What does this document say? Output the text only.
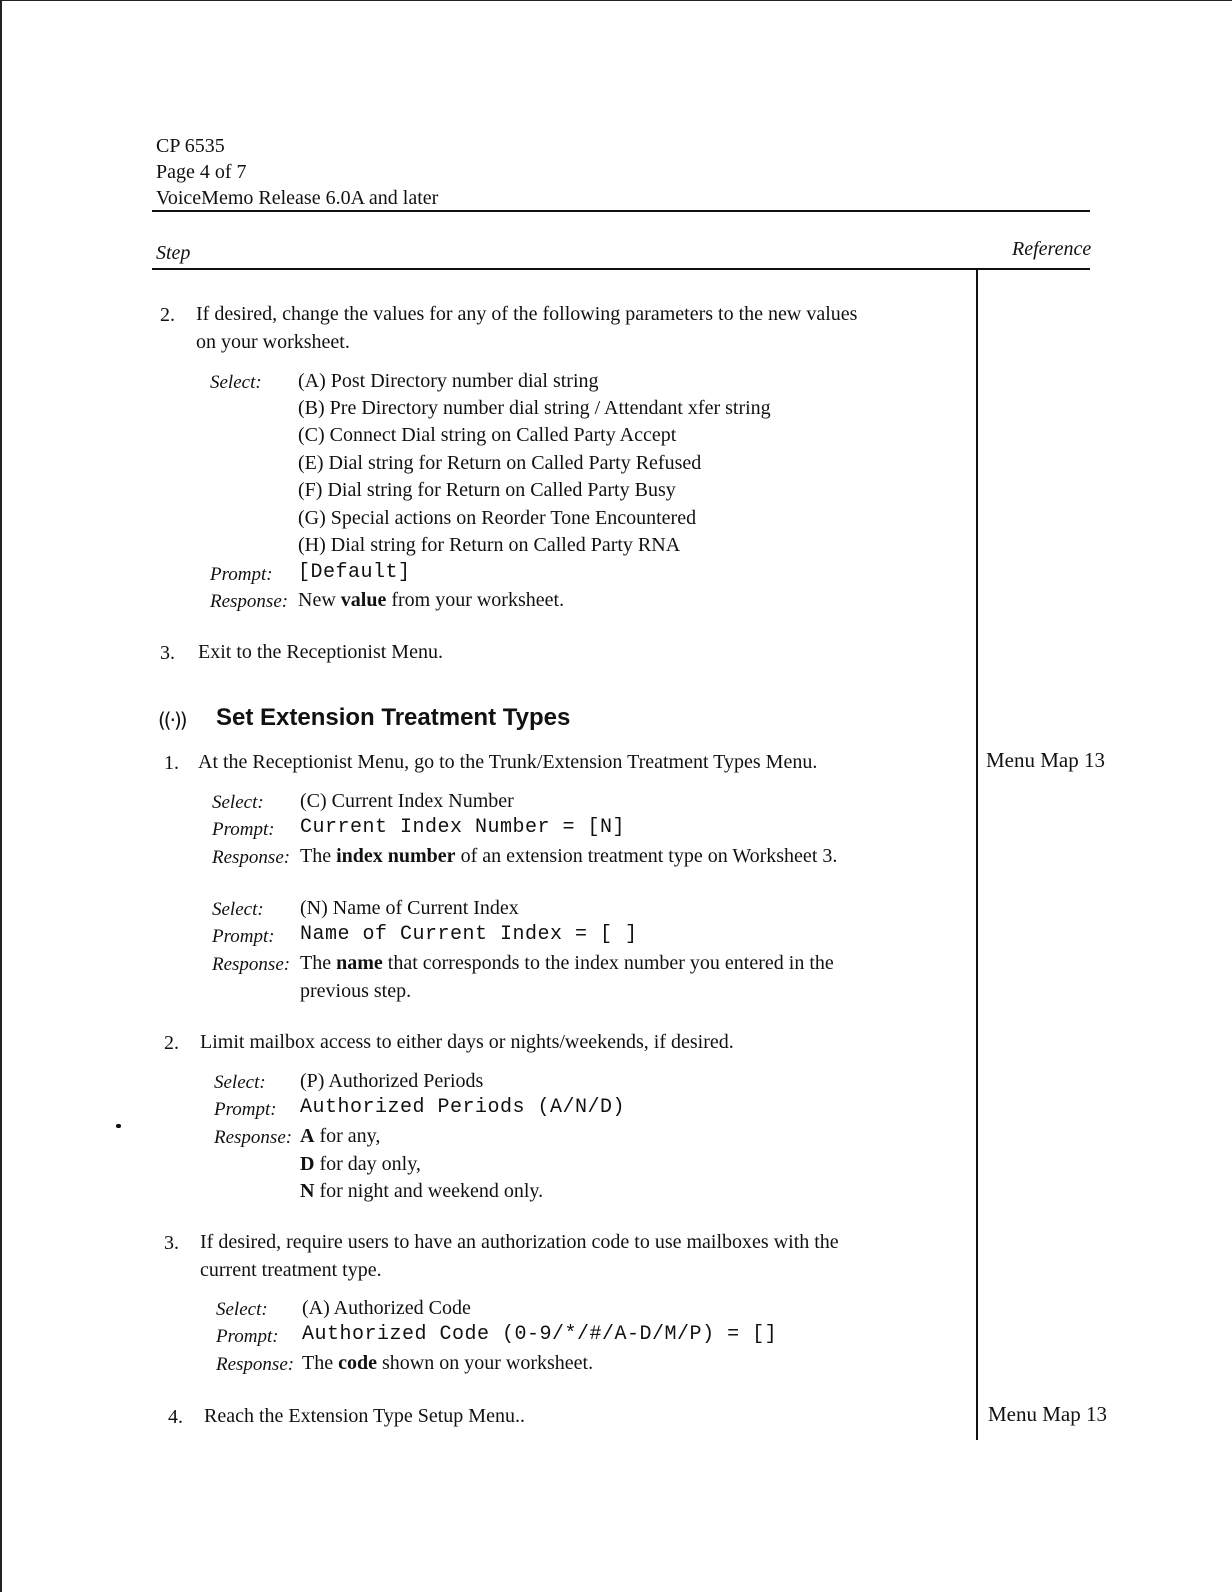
CP 6535
Page 4 of 7
VoiceMemo Release 6.0A and later
Step	Reference
2. If desired, change the values for any of the following parameters to the new values
on your worksheet.
Select: (A) Post Directory number dial string
(B) Pre Directory number dial string / Attendant xfer string
(C) Connect Dial string on Called Party Accept
(E) Dial string for Return on Called Party Refused
(F) Dial string for Return on Called Party Busy
(G) Special actions on Reorder Tone Encountered
(H) Dial string for Return on Called Party RNA
Prompt: [Default]
Response: New value from your worksheet.
3. Exit to the Receptionist Menu.
((·)) Set Extension Treatment Types
1. At the Receptionist Menu, go to the Trunk/Extension Treatment Types Menu.	Menu Map 13
Select: (C) Current Index Number
Prompt: Current Index Number = [N]
Response: The index number of an extension treatment type on Worksheet 3.
Select: (N) Name of Current Index
Prompt: Name of Current Index = [ ]
Response: The name that corresponds to the index number you entered in the
previous step.
2. Limit mailbox access to either days or nights/weekends, if desired.
Select: (P) Authorized Periods
Prompt: Authorized Periods (A/N/D)
Response: A for any,
D for day only,
N for night and weekend only.
3. If desired, require users to have an authorization code to use mailboxes with the
current treatment type.
Select: (A) Authorized Code
Prompt: Authorized Code (0-9/*/#/A-D/M/P) = []
Response: The code shown on your worksheet.
4. Reach the Extension Type Setup Menu..	Menu Map 13
